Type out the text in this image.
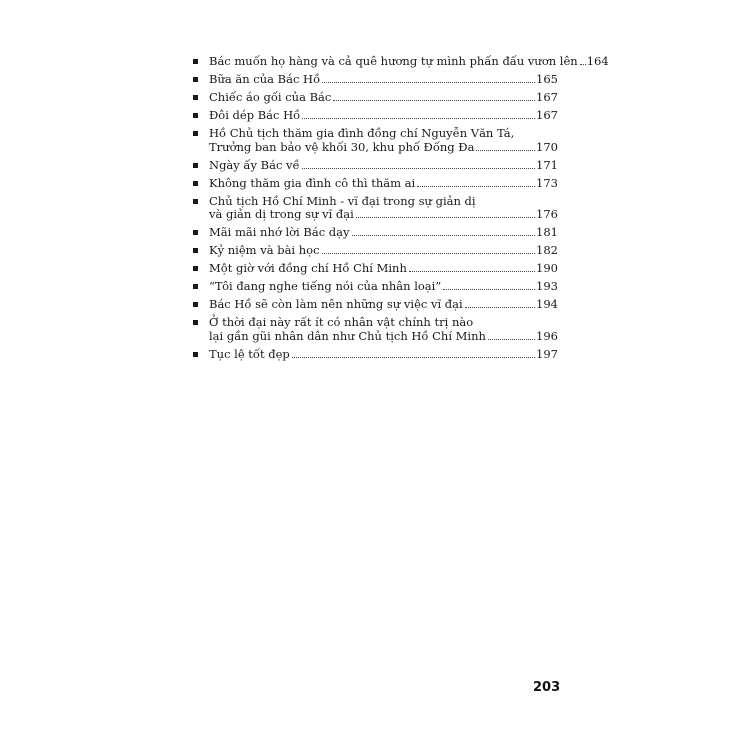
Bác muốn họ hàng và cả quê hương tự mình phấn đấu vươn lên 164
Bữa ăn của Bác Hồ	165
Chiếc áo gối của Bác	167
Đôi dép Bác Hồ	167
Hồ Chủ tịch thăm gia đình đồng chí Nguyễn Văn Tá,
Trưởng ban bảo vệ khối 30, khu phố Đống Đa	170
Ngày ấy Bác về	171
Không thăm gia đình cô thì thăm ai	173
Chủ tịch Hồ Chí Minh - vĩ đại trong sự giản dị
và giản dị trong sự vĩ đại	176
Mãi mãi nhớ lời Bác dạy	181
Kỷ niệm và bài học	182
Một giờ với đồng chí Hồ Chí Minh	190
“Tôi đang nghe tiếng nói của nhân loại”	193
Bác Hồ sẽ còn làm nên những sự việc vĩ đại	194
Ở thời đại này rất ít có nhân vật chính trị nào
lại gần gũi nhân dân như Chủ tịch Hồ Chí Minh	196
Tục lệ tốt đẹp	197
203
